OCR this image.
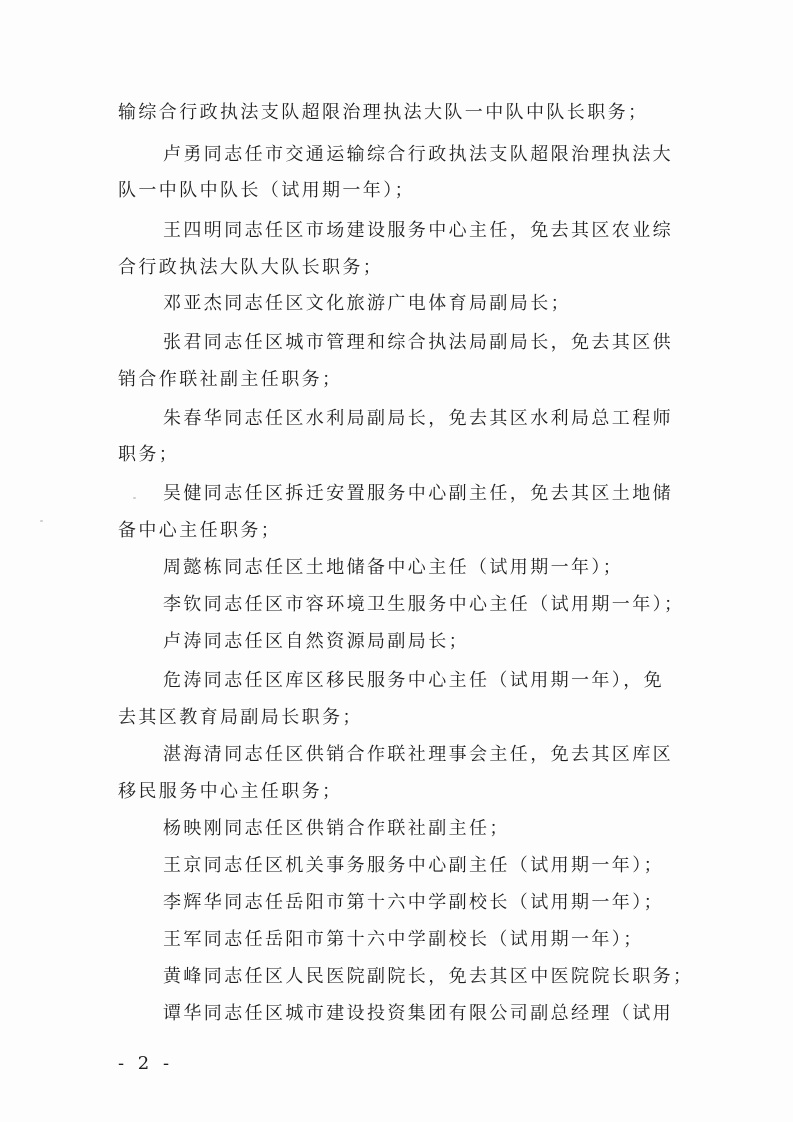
输综合行政执法支队超限治理执法大队一中队中队长职务；
卢勇同志任市交通运输综合行政执法支队超限治理执法大
队一中队中队长（试用期一年）；
王四明同志任区市场建设服务中心主任，免去其区农业综
合行政执法大队大队长职务；
邓亚杰同志任区文化旅游广电体育局副局长；
张君同志任区城市管理和综合执法局副局长，免去其区供
销合作联社副主任职务；
朱春华同志任区水利局副局长，免去其区水利局总工程师
职务；
吴健同志任区拆迁安置服务中心副主任，免去其区土地储
备中心主任职务；
周懿栋同志任区土地储备中心主任（试用期一年）；
李钦同志任区市容环境卫生服务中心主任（试用期一年）；
卢涛同志任区自然资源局副局长；
危涛同志任区库区移民服务中心主任（试用期一年），免
去其区教育局副局长职务；
湛海清同志任区供销合作联社理事会主任，免去其区库区
移民服务中心主任职务；
杨映刚同志任区供销合作联社副主任；
王京同志任区机关事务服务中心副主任（试用期一年）；
李辉华同志任岳阳市第十六中学副校长（试用期一年）；
王军同志任岳阳市第十六中学副校长（试用期一年）；
黄峰同志任区人民医院副院长，免去其区中医院院长职务；
谭华同志任区城市建设投资集团有限公司副总经理（试用
- 2 -
